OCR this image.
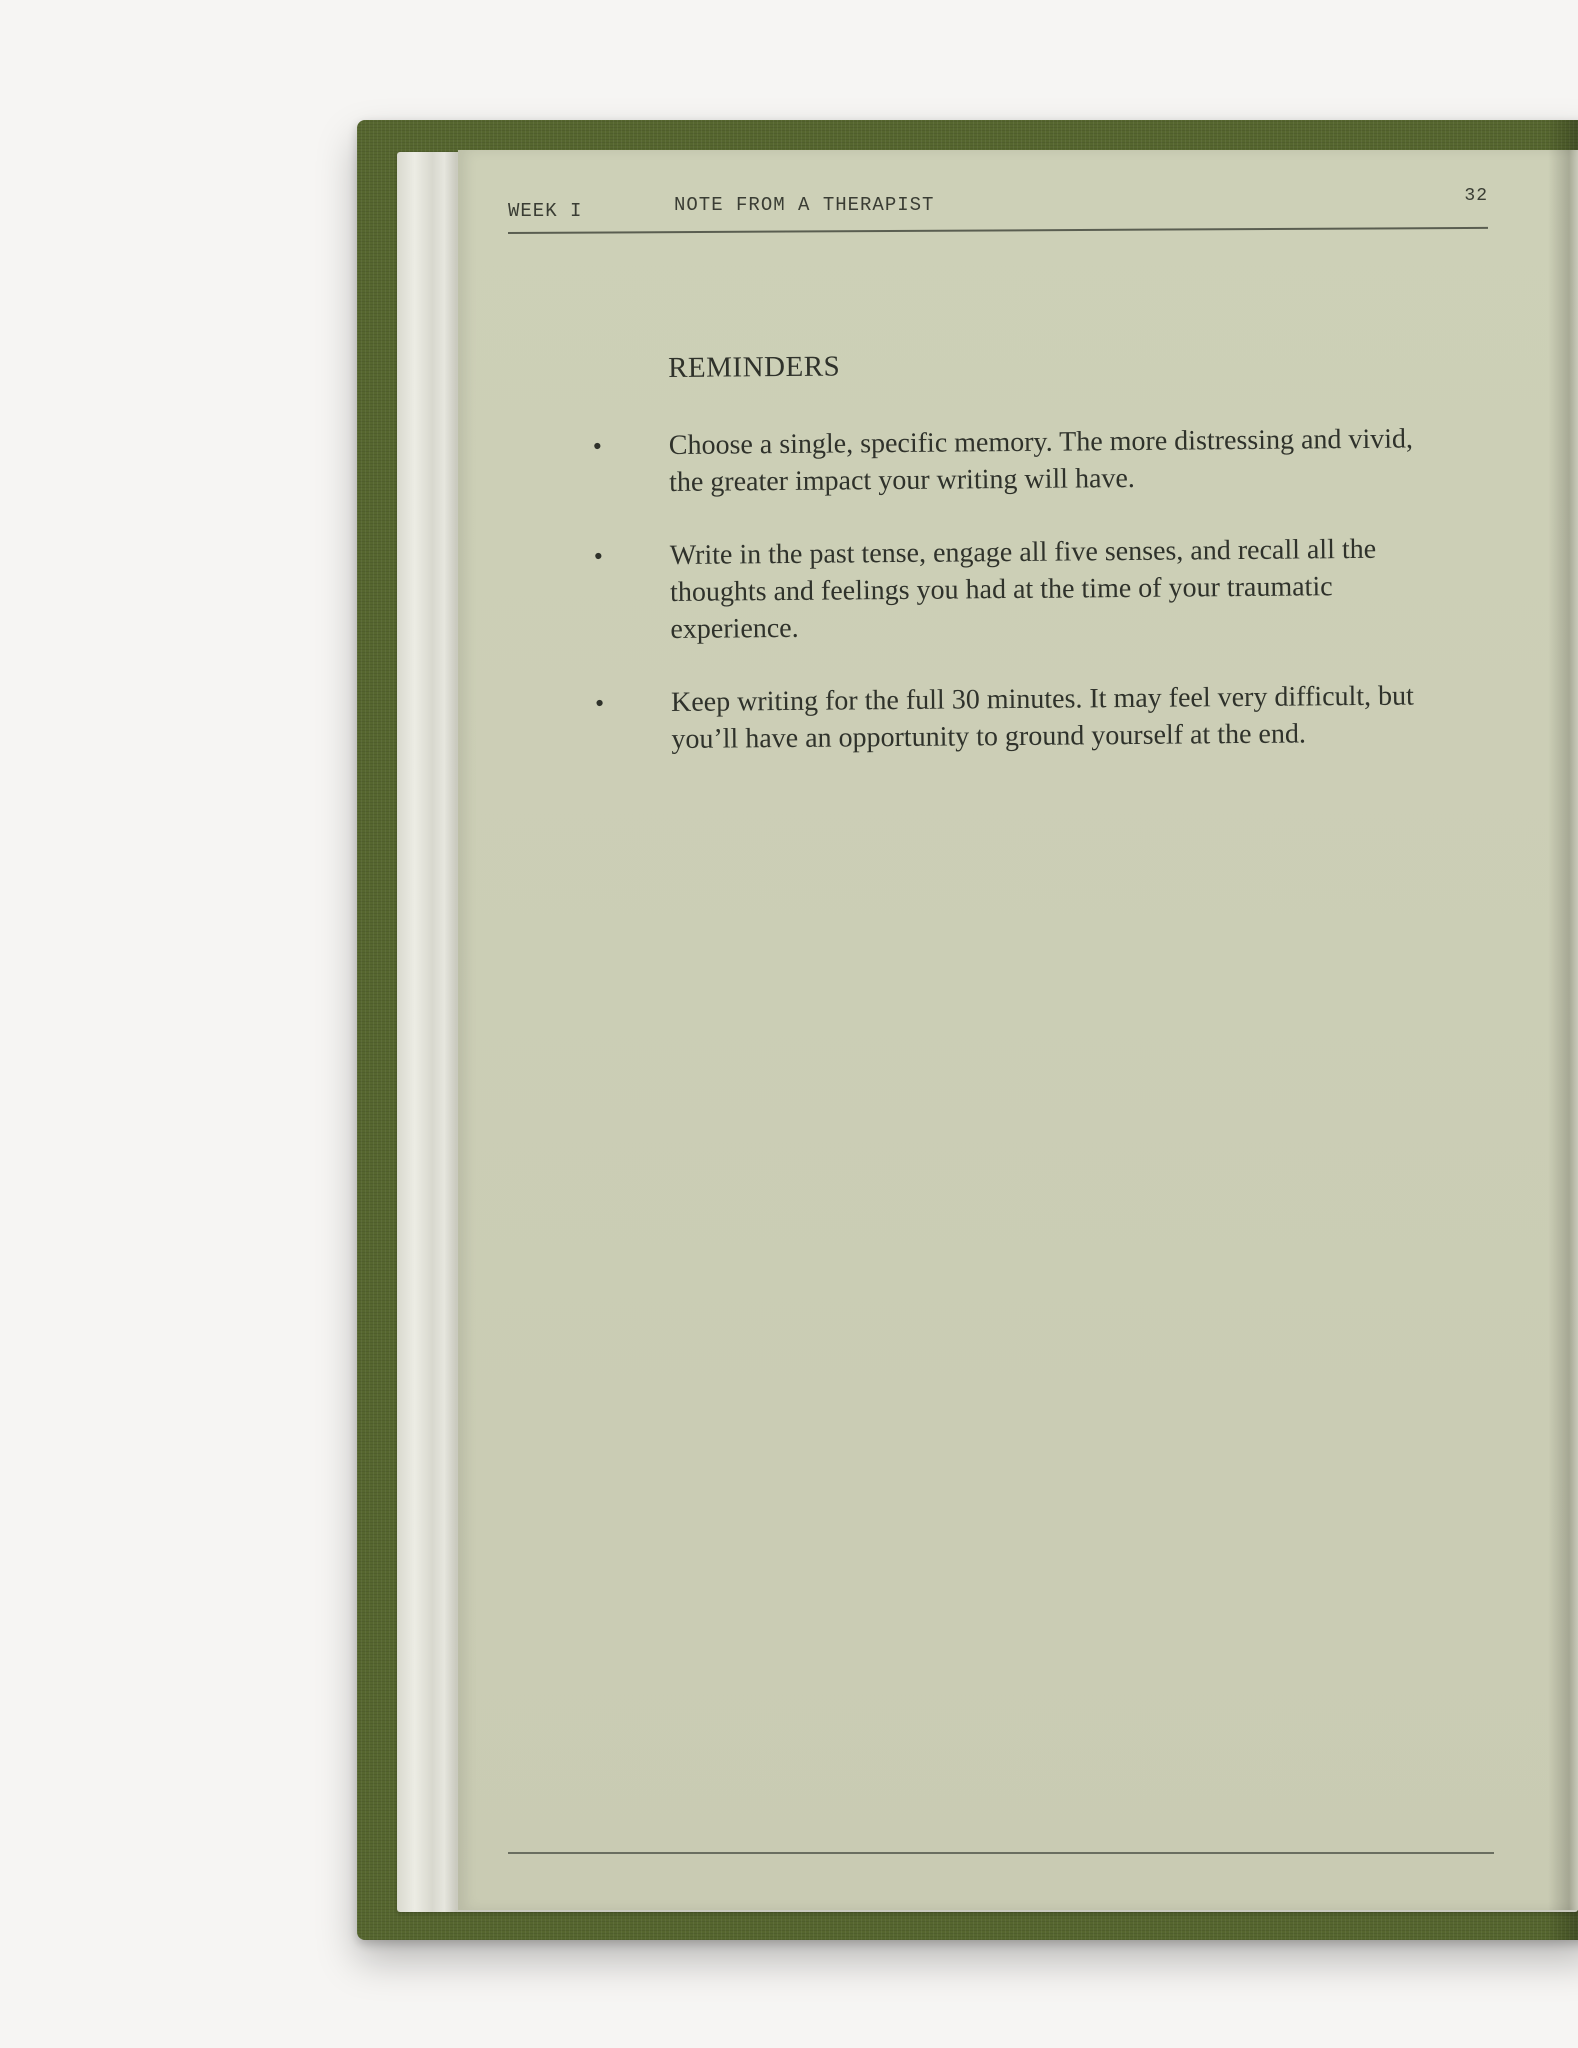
WEEK I	NOTE FROM A THERAPIST	32
REMINDERS
• Choose a single, specific memory. The more distressing and vivid, the greater impact your writing will have.
• Write in the past tense, engage all five senses, and recall all the thoughts and feelings you had at the time of your traumatic experience.
• Keep writing for the full 30 minutes. It may feel very difficult, but you’ll have an opportunity to ground yourself at the end.
